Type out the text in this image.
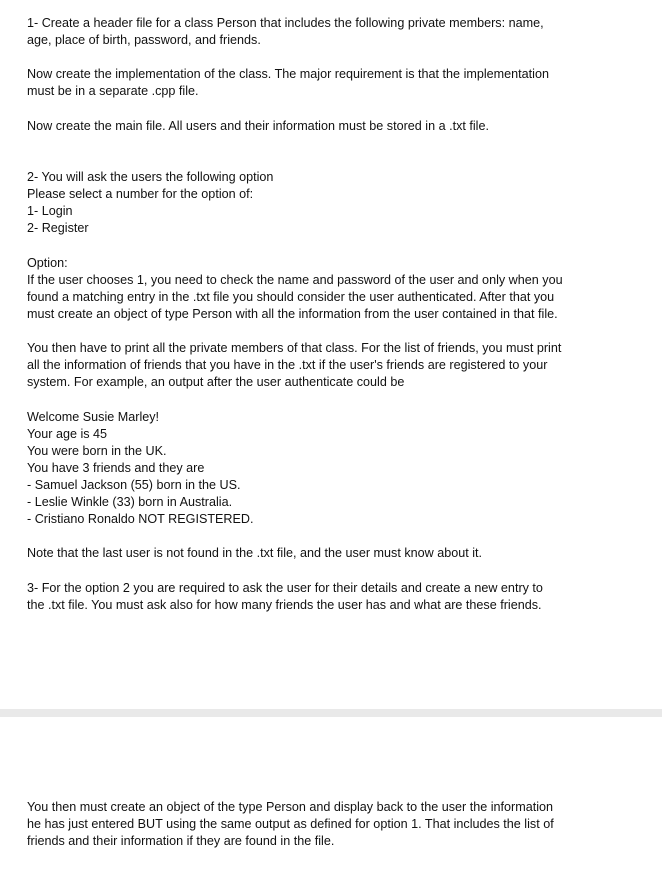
1- Create a header file for a class Person that includes the following private members: name,

age, place of birth, password, and friends.

Now create the implementation of the class. The major requirement is that the implementation

must be in a separate .cpp file.

Now create the main file. All users and their information must be stored in a .txt file.

2- You will ask the users the following option

Please select a number for the option of:

1- Login

2- Register

Option:

If the user chooses 1, you need to check the name and password of the user and only when you

found a matching entry in the .txt file you should consider the user authenticated. After that you

must create an object of type Person with all the information from the user contained in that file.

You then have to print all the private members of that class. For the list of friends, you must print

all the information of friends that you have in the .txt if the user's friends are registered to your

system. For example, an output after the user authenticate could be

Welcome Susie Marley!

Your age is 45

You were born in the UK.

You have 3 friends and they are

- Samuel Jackson (55) born in the US.

- Leslie Winkle (33) born in Australia.

- Cristiano Ronaldo NOT REGISTERED.

Note that the last user is not found in the .txt file, and the user must know about it.

3- For the option 2 you are required to ask the user for their details and create a new entry to

the .txt file. You must ask also for how many friends the user has and what are these friends.

You then must create an object of the type Person and display back to the user the information

he has just entered BUT using the same output as defined for option 1. That includes the list of

friends and their information if they are found in the file.
